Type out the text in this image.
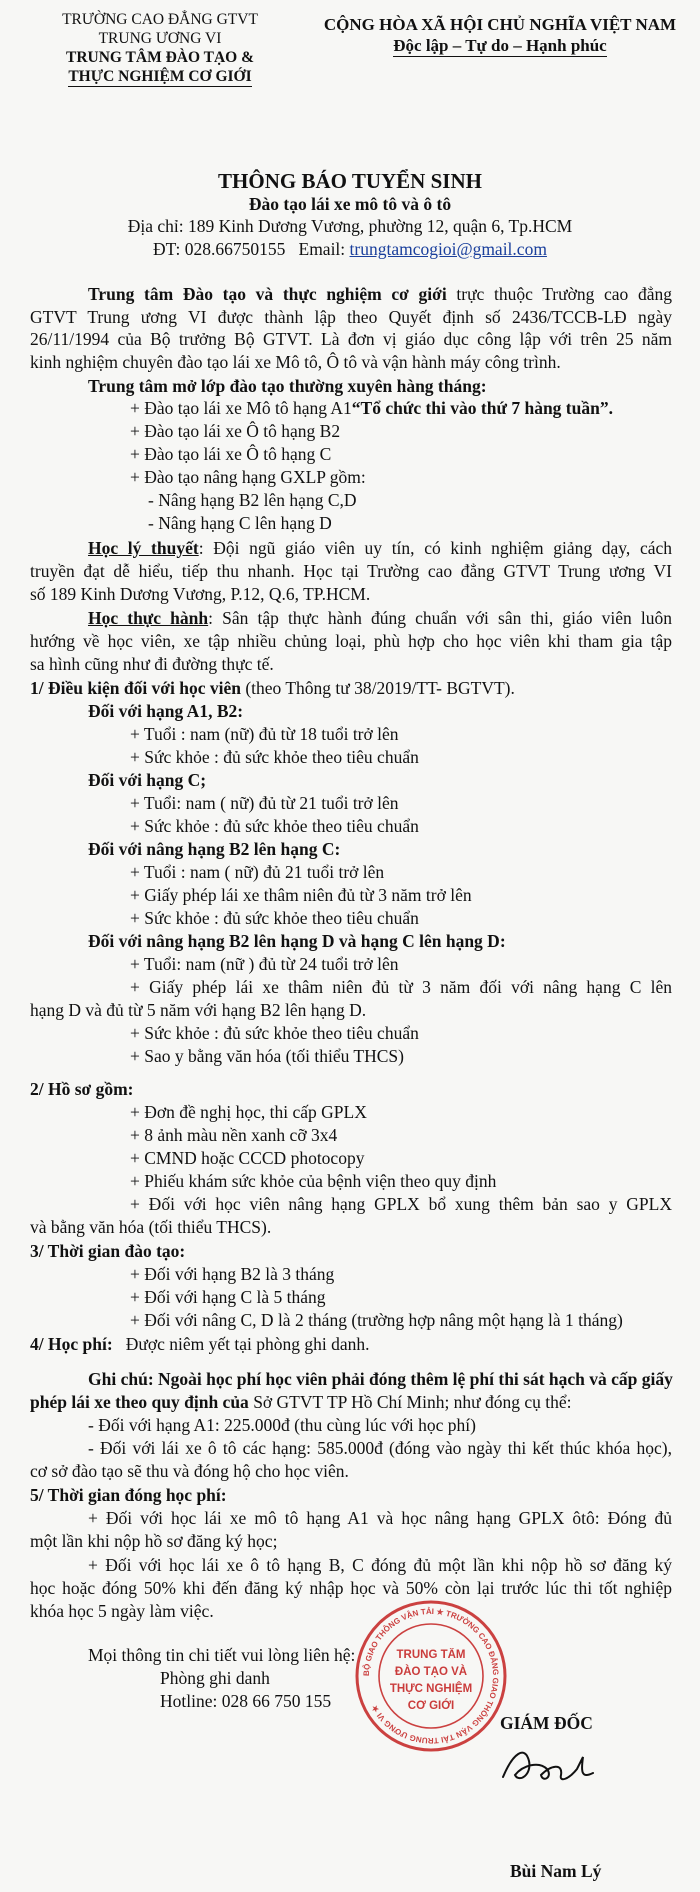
TRƯỜNG CAO ĐẲNG GTVT
TRUNG ƯƠNG VI
TRUNG TÂM ĐÀO TẠO &
THỰC NGHIỆM CƠ GIỚI
CỘNG HÒA XÃ HỘI CHỦ NGHĨA VIỆT NAM
Độc lập – Tự do – Hạnh phúc
THÔNG BÁO TUYỂN SINH
Đào tạo lái xe mô tô và ô tô
Địa chỉ: 189 Kinh Dương Vương, phường 12, quận 6, Tp.HCM
ĐT: 028.66750155 Email: trungtamcogioi@gmail.com
Trung tâm Đào tạo và thực nghiệm cơ giới trực thuộc Trường cao đẳng
GTVT Trung ương VI được thành lập theo Quyết định số 2436/TCCB-LĐ ngày
26/11/1994 của Bộ trưởng Bộ GTVT. Là đơn vị giáo dục công lập với trên 25 năm
kinh nghiệm chuyên đào tạo lái xe Mô tô, Ô tô và vận hành máy công trình.
Trung tâm mở lớp đào tạo thường xuyên hàng tháng:
+ Đào tạo lái xe Mô tô hạng A1“Tổ chức thi vào thứ 7 hàng tuần”.
+ Đào tạo lái xe Ô tô hạng B2
+ Đào tạo lái xe Ô tô hạng C
+ Đào tạo nâng hạng GXLP gồm:
- Nâng hạng B2 lên hạng C,D
- Nâng hạng C lên hạng D
Học lý thuyết: Đội ngũ giáo viên uy tín, có kinh nghiệm giảng dạy, cách
truyền đạt dễ hiểu, tiếp thu nhanh. Học tại Trường cao đẳng GTVT Trung ương VI
số 189 Kinh Dương Vương, P.12, Q.6, TP.HCM.
Học thực hành: Sân tập thực hành đúng chuẩn với sân thi, giáo viên luôn
hướng về học viên, xe tập nhiều chủng loại, phù hợp cho học viên khi tham gia tập
sa hình cũng như đi đường thực tế.
1/ Điều kiện đối với học viên (theo Thông tư 38/2019/TT- BGTVT).
Đối với hạng A1, B2:
+ Tuổi : nam (nữ) đủ từ 18 tuổi trở lên
+ Sức khỏe : đủ sức khỏe theo tiêu chuẩn
Đối với hạng C;
+ Tuổi: nam ( nữ) đủ từ 21 tuổi trở lên
+ Sức khỏe : đủ sức khỏe theo tiêu chuẩn
Đối với nâng hạng B2 lên hạng C:
+ Tuổi : nam ( nữ) đủ 21 tuổi trở lên
+ Giấy phép lái xe thâm niên đủ từ 3 năm trở lên
+ Sức khỏe : đủ sức khỏe theo tiêu chuẩn
Đối với nâng hạng B2 lên hạng D và hạng C lên hạng D:
+ Tuổi: nam (nữ ) đủ từ 24 tuổi trở lên
+ Giấy phép lái xe thâm niên đủ từ 3 năm đối với nâng hạng C lên
hạng D và đủ từ 5 năm với hạng B2 lên hạng D.
+ Sức khỏe : đủ sức khỏe theo tiêu chuẩn
+ Sao y bằng văn hóa (tối thiểu THCS)
2/ Hồ sơ gồm:
+ Đơn đề nghị học, thi cấp GPLX
+ 8 ảnh màu nền xanh cỡ 3x4
+ CMND hoặc CCCD photocopy
+ Phiếu khám sức khỏe của bệnh viện theo quy định
+ Đối với học viên nâng hạng GPLX bổ xung thêm bản sao y GPLX
và bằng văn hóa (tối thiểu THCS).
3/ Thời gian đào tạo:
+ Đối với hạng B2 là 3 tháng
+ Đối với hạng C là 5 tháng
+ Đối với nâng C, D là 2 tháng (trường hợp nâng một hạng là 1 tháng)
4/ Học phí: Được niêm yết tại phòng ghi danh.
Ghi chú: Ngoài học phí học viên phải đóng thêm lệ phí thi sát hạch và cấp giấy
phép lái xe theo quy định của Sở GTVT TP Hồ Chí Minh; như đóng cụ thể:
- Đối với hạng A1: 225.000đ (thu cùng lúc với học phí)
- Đối với lái xe ô tô các hạng: 585.000đ (đóng vào ngày thi kết thúc khóa học),
cơ sở đào tạo sẽ thu và đóng hộ cho học viên.
5/ Thời gian đóng học phí:
+ Đối với học lái xe mô tô hạng A1 và học nâng hạng GPLX ôtô: Đóng đủ
một lần khi nộp hồ sơ đăng ký học;
+ Đối với học lái xe ô tô hạng B, C đóng đủ một lần khi nộp hồ sơ đăng ký
học hoặc đóng 50% khi đến đăng ký nhập học và 50% còn lại trước lúc thi tốt nghiệp
khóa học 5 ngày làm việc.
Mọi thông tin chi tiết vui lòng liên hệ:
Phòng ghi danh
Hotline: 028 66 750 155
BỘ GIAO THÔNG VẬN TẢI ★ TRƯỜNG CAO ĐẲNG GIAO THÔNG VẬN TẢI TRUNG ƯƠNG VI ★
TRUNG TÂM
ĐÀO TẠO VÀ
THỰC NGHIỆM
CƠ GIỚI
GIÁM ĐỐC
Bùi Nam Lý
